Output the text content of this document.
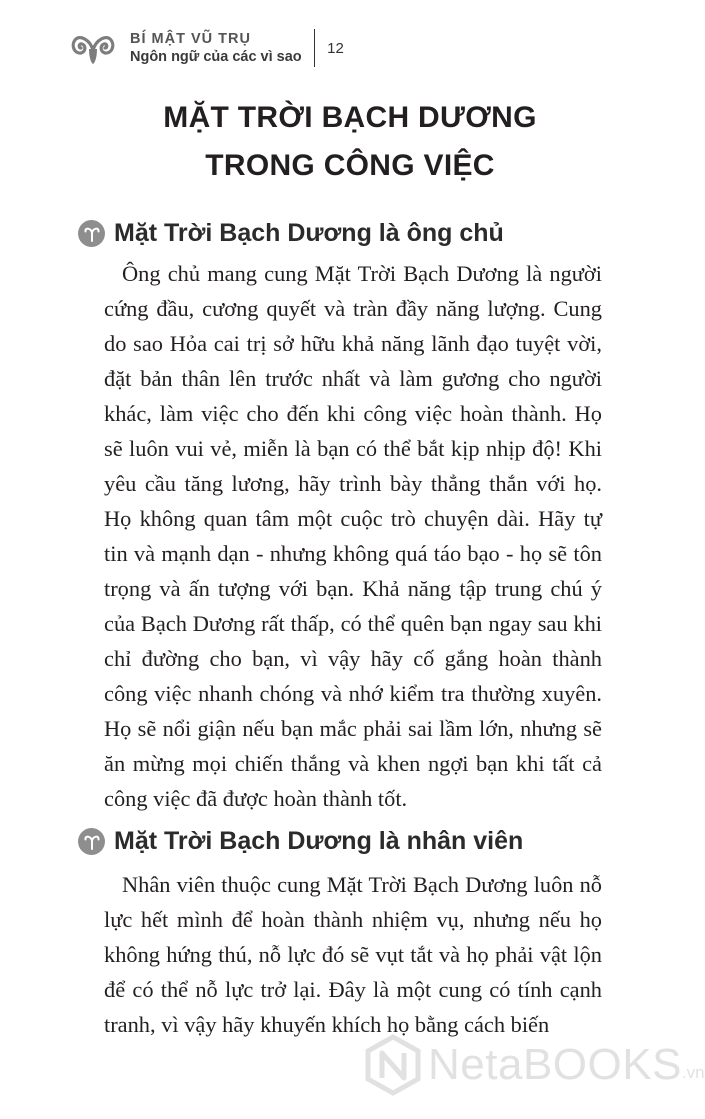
BÍ MẬT VŨ TRỤ
Ngôn ngữ của các vì sao
12
MẶT TRỜI BẠCH DƯƠNG
TRONG CÔNG VIỆC
Mặt Trời Bạch Dương là ông chủ

Ông chủ mang cung Mặt Trời Bạch Dương là người cứng đầu, cương quyết và tràn đầy năng lượng. Cung do sao Hỏa cai trị sở hữu khả năng lãnh đạo tuyệt vời, đặt bản thân lên trước nhất và làm gương cho người khác, làm việc cho đến khi công việc hoàn thành. Họ sẽ luôn vui vẻ, miễn là bạn có thể bắt kịp nhịp độ! Khi yêu cầu tăng lương, hãy trình bày thẳng thắn với họ. Họ không quan tâm một cuộc trò chuyện dài. Hãy tự tin và mạnh dạn - nhưng không quá táo bạo - họ sẽ tôn trọng và ấn tượng với bạn. Khả năng tập trung chú ý của Bạch Dương rất thấp, có thể quên bạn ngay sau khi chỉ đường cho bạn, vì vậy hãy cố gắng hoàn thành công việc nhanh chóng và nhớ kiểm tra thường xuyên. Họ sẽ nổi giận nếu bạn mắc phải sai lầm lớn, nhưng sẽ ăn mừng mọi chiến thắng và khen ngợi bạn khi tất cả công việc đã được hoàn thành tốt.

Mặt Trời Bạch Dương là nhân viên

Nhân viên thuộc cung Mặt Trời Bạch Dương luôn nỗ lực hết mình để hoàn thành nhiệm vụ, nhưng nếu họ không hứng thú, nỗ lực đó sẽ vụt tắt và họ phải vật lộn để có thể nỗ lực trở lại. Đây là một cung có tính cạnh tranh, vì vậy hãy khuyến khích họ bằng cách biến

NetaBOOKS .vn
